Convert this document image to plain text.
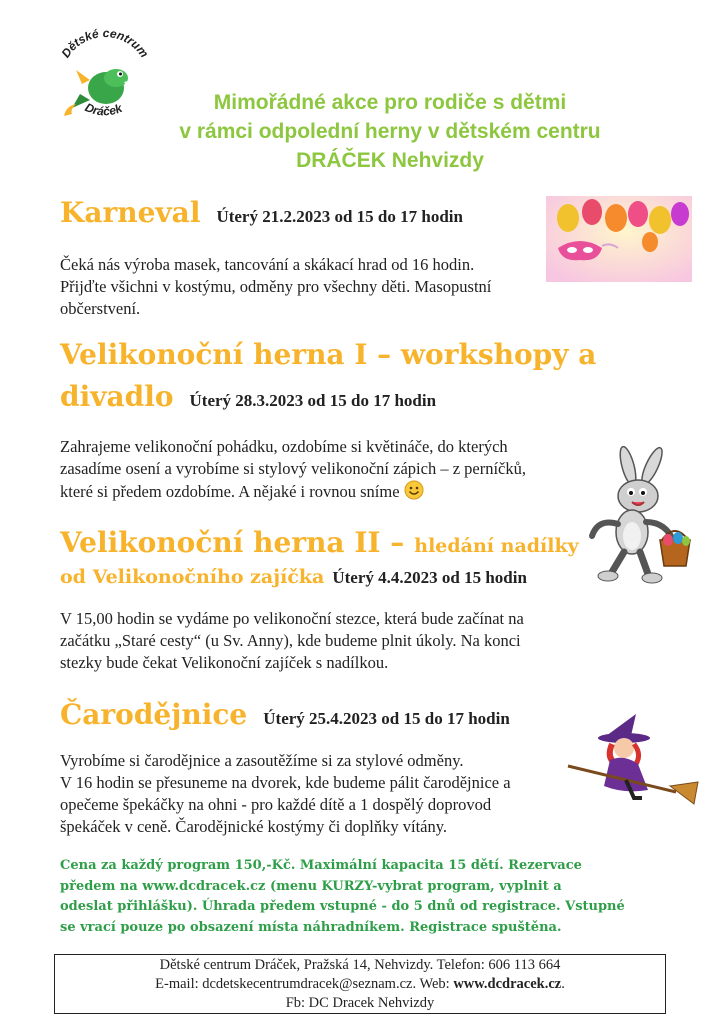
Dětské centrum
Dráček	Mimořádné akce pro rodiče s dětmi
v rámci odpolední herny v dětském centru
DRÁČEK Nehvizdy
Karneval Úterý 21.2.2023 od 15 do 17 hodin
Čeká nás výroba masek, tancování a skákací hrad od 16 hodin.
Přijďte všichni v kostýmu, odměny pro všechny děti. Masopustní
občerstvení.
Velikonoční herna I – workshopy a
divadlo Úterý 28.3.2023 od 15 do 17 hodin
Zahrajeme velikonoční pohádku, ozdobíme si květináče, do kterých
zasadíme osení a vyrobíme si stylový velikonoční zápich – z perníčků,
které si předem ozdobíme. A nějaké i rovnou sníme
Velikonoční herna II – hledání nadílky
od Velikonočního zajíčka Úterý 4.4.2023 od 15 hodin
V 15,00 hodin se vydáme po velikonoční stezce, která bude začínat na
začátku „Staré cesty“ (u Sv. Anny), kde budeme plnit úkoly. Na konci
stezky bude čekat Velikonoční zajíček s nadílkou.
Čarodějnice Úterý 25.4.2023 od 15 do 17 hodin
Vyrobíme si čarodějnice a zasoutěžíme si za stylové odměny.
V 16 hodin se přesuneme na dvorek, kde budeme pálit čarodějnice a
opečeme špekáčky na ohni - pro každé dítě a 1 dospělý doprovod
špekáček v ceně. Čarodějnické kostýmy či doplňky vítány.
Cena za každý program 150,-Kč. Maximální kapacita 15 dětí. Rezervace
předem na www.dcdracek.cz (menu KURZY-vybrat program, vyplnit a
odeslat přihlášku). Úhrada předem vstupné - do 5 dnů od registrace. Vstupné
se vrací pouze po obsazení místa náhradníkem. Registrace spuštěna.
Dětské centrum Dráček, Pražská 14, Nehvizdy. Telefon: 606 113 664
E-mail: dcdetskecentrumdracek@seznam.cz. Web: www.dcdracek.cz.
Fb: DC Dracek Nehvizdy
